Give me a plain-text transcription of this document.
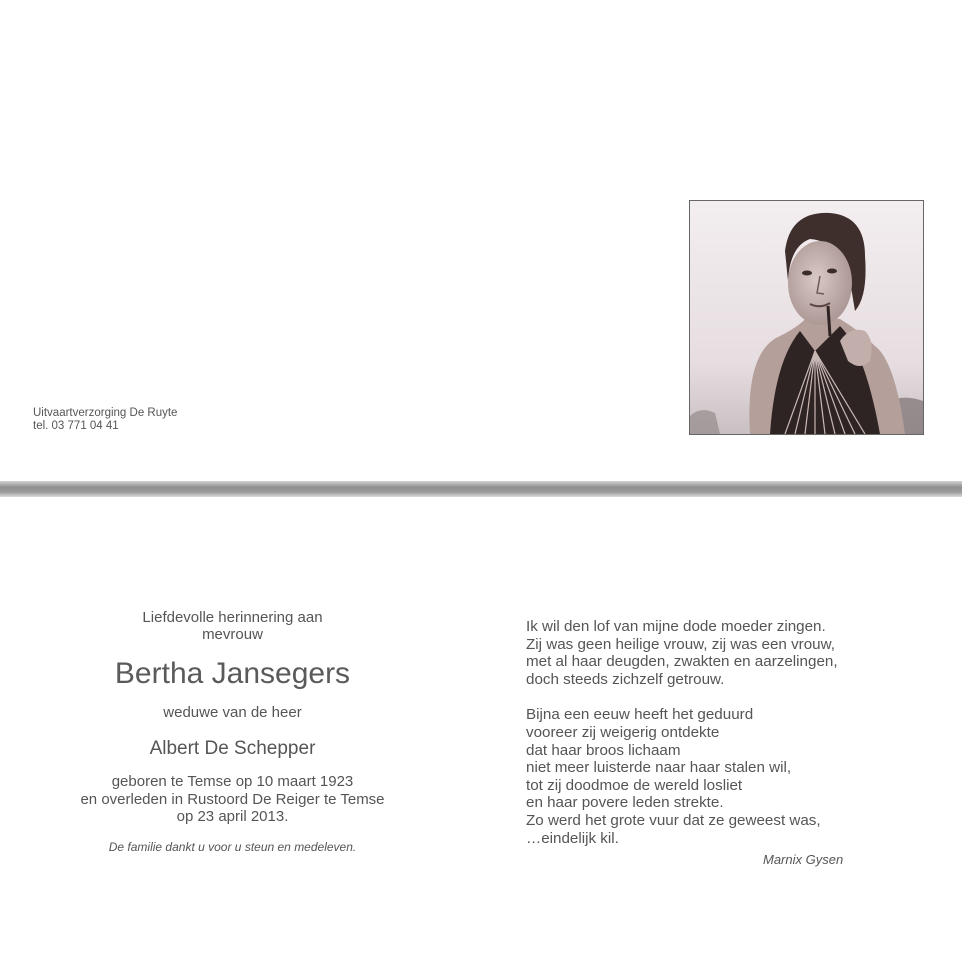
Uitvaartverzorging De Ruyte
tel. 03 771 04 41
Liefdevolle herinnering aan
mevrouw
Bertha Jansegers
weduwe van de heer
Albert De Schepper
geboren te Temse op 10 maart 1923
en overleden in Rustoord De Reiger te Temse
op 23 april 2013.
De familie dankt u voor u steun en medeleven.
Ik wil den lof van mijne dode moeder zingen.
Zij was geen heilige vrouw, zij was een vrouw,
met al haar deugden, zwakten en aarzelingen,
doch steeds zichzelf getrouw.
Bijna een eeuw heeft het geduurd
vooreer zij weigerig ontdekte
dat haar broos lichaam
niet meer luisterde naar haar stalen wil,
tot zij doodmoe de wereld losliet
en haar povere leden strekte.
Zo werd het grote vuur dat ze geweest was,
…eindelijk kil.
Marnix Gysen
